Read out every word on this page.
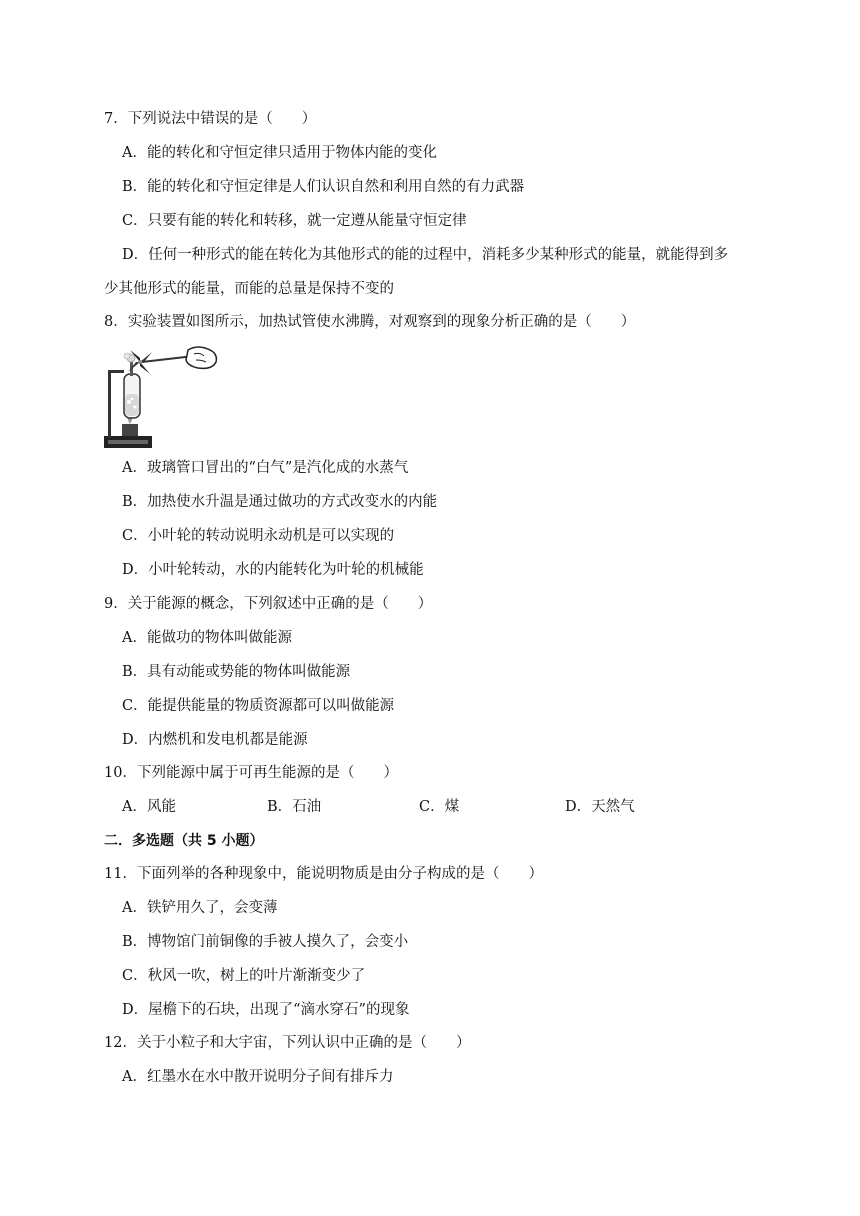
7．下列说法中错误的是（　　）
A．能的转化和守恒定律只适用于物体内能的变化
B．能的转化和守恒定律是人们认识自然和利用自然的有力武器
C．只要有能的转化和转移，就一定遵从能量守恒定律
D．任何一种形式的能在转化为其他形式的能的过程中，消耗多少某种形式的能量，就能得到多
少其他形式的能量，而能的总量是保持不变的
8．实验装置如图所示，加热试管使水沸腾，对观察到的现象分析正确的是（　　）
A．玻璃管口冒出的“白气”是汽化成的水蒸气
B．加热使水升温是通过做功的方式改变水的内能
C．小叶轮的转动说明永动机是可以实现的
D．小叶轮转动，水的内能转化为叶轮的机械能
9．关于能源的概念，下列叙述中正确的是（　　）
A．能做功的物体叫做能源
B．具有动能或势能的物体叫做能源
C．能提供能量的物质资源都可以叫做能源
D．内燃机和发电机都是能源
10．下列能源中属于可再生能源的是（　　）
A．风能	B．石油	C．煤	D．天然气
二．多选题（共 5 小题）
11．下面列举的各种现象中，能说明物质是由分子构成的是（　　）
A．铁铲用久了，会变薄
B．博物馆门前铜像的手被人摸久了，会变小
C．秋风一吹，树上的叶片渐渐变少了
D．屋檐下的石块，出现了“滴水穿石”的现象
12．关于小粒子和大宇宙，下列认识中正确的是（　　）
A．红墨水在水中散开说明分子间有排斥力
